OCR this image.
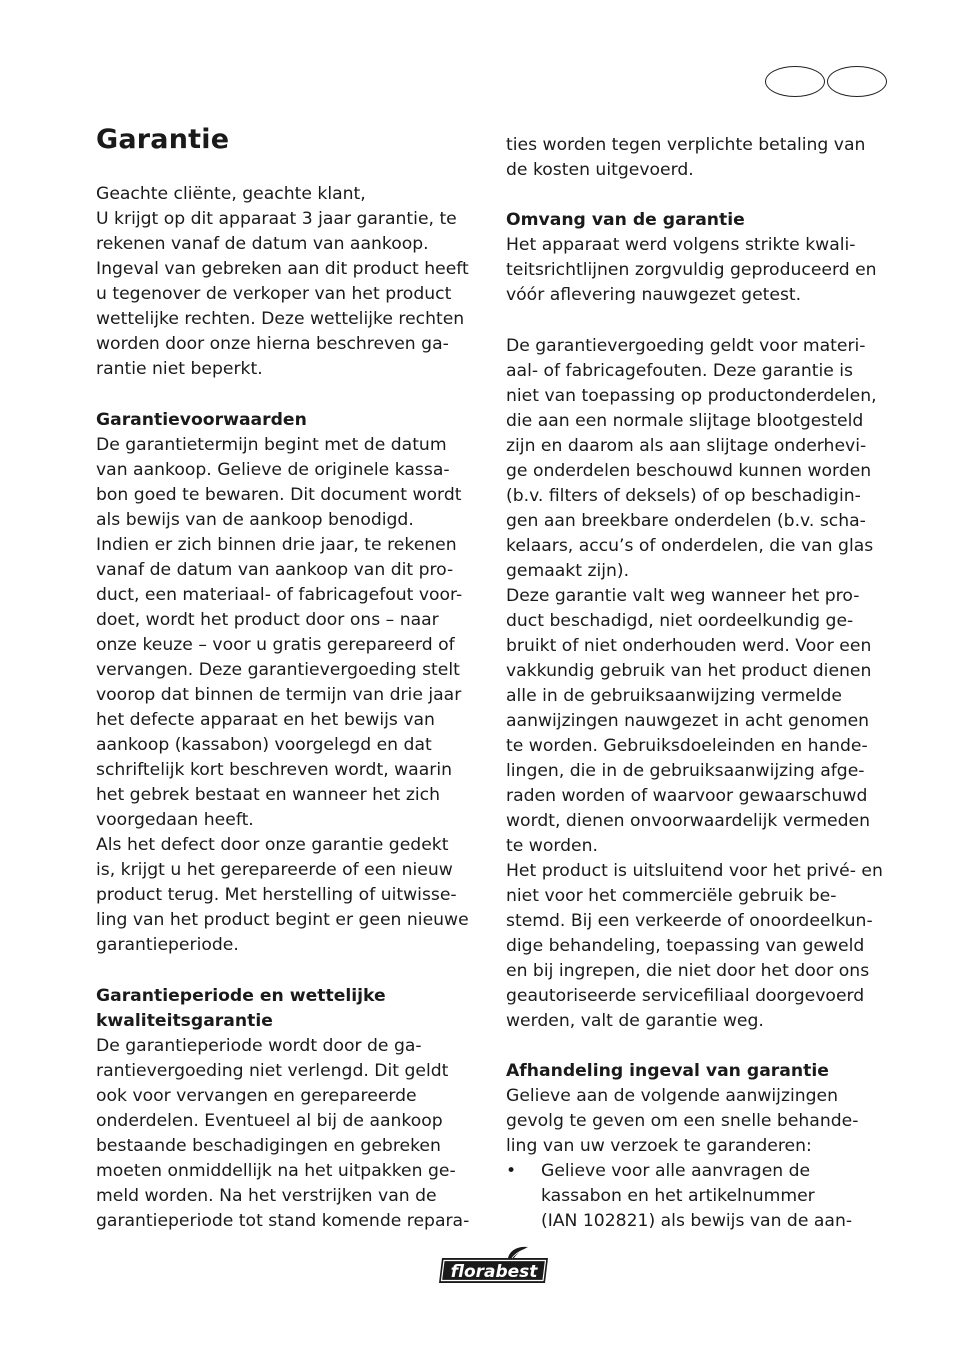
Garantie
Geachte cliënte, geachte klant,
U krijgt op dit apparaat 3 jaar garantie, te
rekenen vanaf de datum van aankoop.
Ingeval van gebreken aan dit product heeft
u tegenover de verkoper van het product
wettelijke rechten. Deze wettelijke rechten
worden door onze hierna beschreven ga-
rantie niet beperkt.
Garantievoorwaarden
De garantietermijn begint met de datum
van aankoop. Gelieve de originele kassa-
bon goed te bewaren. Dit document wordt
als bewijs van de aankoop benodigd.
Indien er zich binnen drie jaar, te rekenen
vanaf de datum van aankoop van dit pro-
duct, een materiaal- of fabricagefout voor-
doet, wordt het product door ons – naar
onze keuze – voor u gratis gerepareerd of
vervangen. Deze garantievergoeding stelt
voorop dat binnen de termijn van drie jaar
het defecte apparaat en het bewijs van
aankoop (kassabon) voorgelegd en dat
schriftelijk kort beschreven wordt, waarin
het gebrek bestaat en wanneer het zich
voorgedaan heeft.
Als het defect door onze garantie gedekt
is, krijgt u het gerepareerde of een nieuw
product terug. Met herstelling of uitwisse-
ling van het product begint er geen nieuwe
garantieperiode.
Garantieperiode en wettelijke
kwaliteitsgarantie
De garantieperiode wordt door de ga-
rantievergoeding niet verlengd. Dit geldt
ook voor vervangen en gerepareerde
onderdelen. Eventueel al bij de aankoop
bestaande beschadigingen en gebreken
moeten onmiddellijk na het uitpakken ge-
meld worden. Na het verstrijken van de
garantieperiode tot stand komende repara-
ties worden tegen verplichte betaling van
de kosten uitgevoerd.
Omvang van de garantie
Het apparaat werd volgens strikte kwali-
teitsrichtlijnen zorgvuldig geproduceerd en
vóór aflevering nauwgezet getest.
De garantievergoeding geldt voor materi-
aal- of fabricagefouten. Deze garantie is
niet van toepassing op productonderdelen,
die aan een normale slijtage blootgesteld
zijn en daarom als aan slijtage onderhevi-
ge onderdelen beschouwd kunnen worden
(b.v. filters of deksels) of op beschadigin-
gen aan breekbare onderdelen (b.v. scha-
kelaars, accu’s of onderdelen, die van glas
gemaakt zijn).
Deze garantie valt weg wanneer het pro-
duct beschadigd, niet oordeelkundig ge-
bruikt of niet onderhouden werd. Voor een
vakkundig gebruik van het product dienen
alle in de gebruiksaanwijzing vermelde
aanwijzingen nauwgezet in acht genomen
te worden. Gebruiksdoeleinden en hande-
lingen, die in de gebruiksaanwijzing afge-
raden worden of waarvoor gewaarschuwd
wordt, dienen onvoorwaardelijk vermeden
te worden.
Het product is uitsluitend voor het privé- en
niet voor het commerciële gebruik be-
stemd. Bij een verkeerde of onoordeelkun-
dige behandeling, toepassing van geweld
en bij ingrepen, die niet door het door ons
geautoriseerde servicefiliaal doorgevoerd
werden, valt de garantie weg.
Afhandeling ingeval van garantie
Gelieve aan de volgende aanwijzingen
gevolg te geven om een snelle behande-
ling van uw verzoek te garanderen:
• Gelieve voor alle aanvragen de
kassabon en het artikelnummer
(IAN 102821) als bewijs van de aan-
florabest
